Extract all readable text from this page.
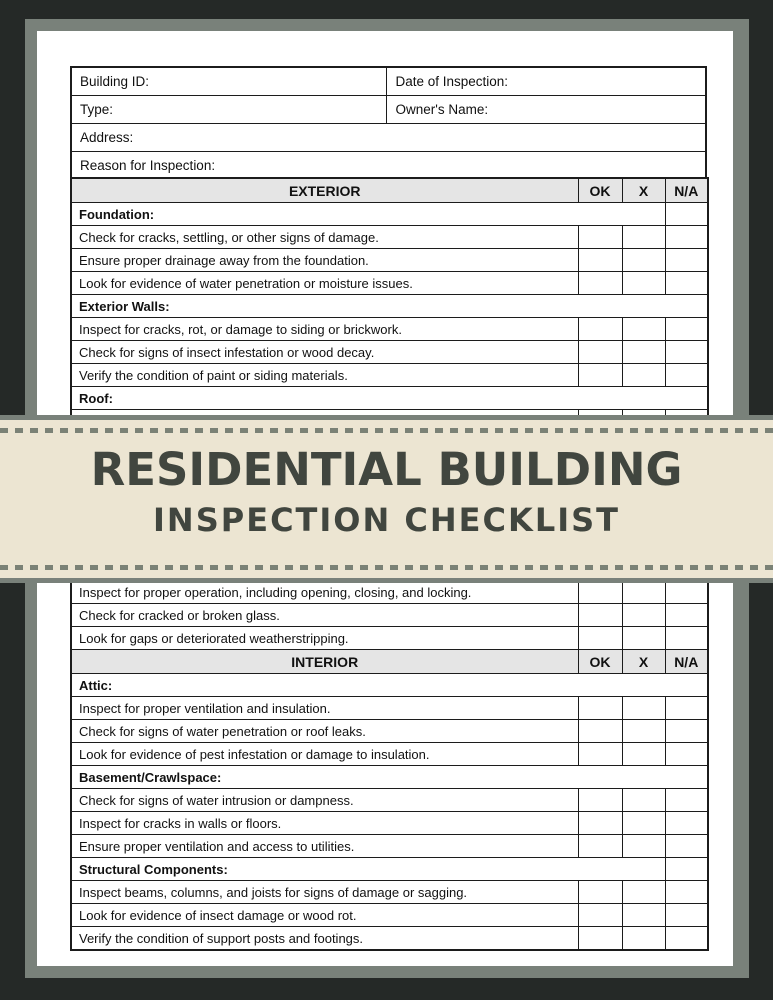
Building ID:	Date of Inspection:
Type:	Owner's Name:
Address:	
Reason for Inspection:	
EXTERIOR	OK	X	N/A
Foundation:			
Check for cracks, settling, or other signs of damage.			
Ensure proper drainage away from the foundation.			
Look for evidence of water penetration or moisture issues.			
Exterior Walls:			
Inspect for cracks, rot, or damage to siding or brickwork.			
Check for signs of insect infestation or wood decay.			
Verify the condition of paint or siding materials.			
Roof:			

Inspect for proper operation, including opening, closing, and locking.			
Check for cracked or broken glass.			
Look for gaps or deteriorated weatherstripping.			
INTERIOR	OK	X	N/A
Attic:			
Inspect for proper ventilation and insulation.			
Check for signs of water penetration or roof leaks.			
Look for evidence of pest infestation or damage to insulation.			
Basement/Crawlspace:			
Check for signs of water intrusion or dampness.			
Inspect for cracks in walls or floors.			
Ensure proper ventilation and access to utilities.			
Structural Components:			
Inspect beams, columns, and joists for signs of damage or sagging.			
Look for evidence of insect damage or wood rot.			
Verify the condition of support posts and footings.			
RESIDENTIAL BUILDING
INSPECTION CHECKLIST
